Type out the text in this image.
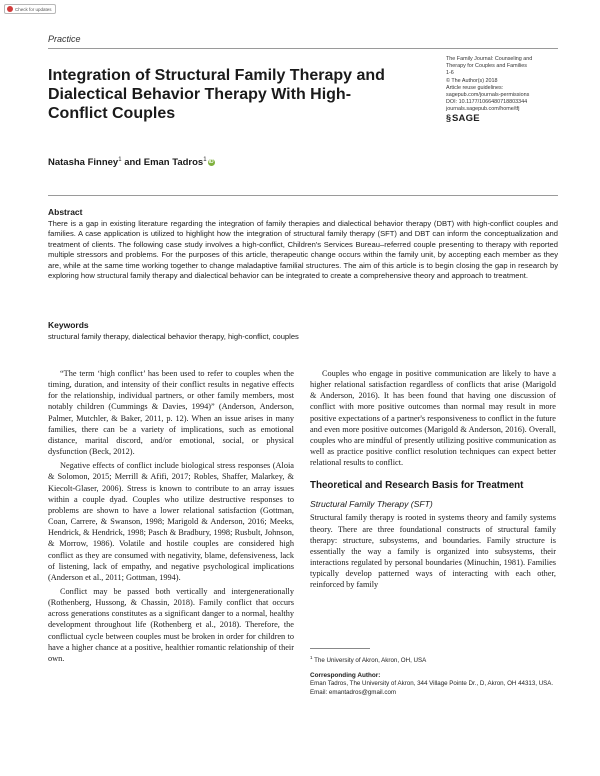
Check for updates
Practice
Integration of Structural Family Therapy and Dialectical Behavior Therapy With High-Conflict Couples
The Family Journal: Counseling and
Therapy for Couples and Families
1-6
© The Author(s) 2018
Article reuse guidelines:
sagepub.com/journals-permissions
DOI: 10.1177/1066480718803344
journals.sagepub.com/home/tfj
§ SAGE
Natasha Finney$^1$ and Eman Tadros$^1$ iD
Abstract
There is a gap in existing literature regarding the integration of family therapies and dialectical behavior therapy (DBT) with high-conflict couples and families. A case application is utilized to highlight how the integration of structural family therapy (SFT) and DBT can inform the conceptualization and treatment of clients. The following case study involves a high-conflict, Children's Services Bureau–referred couple presenting to therapy with reported multiple stressors and problems. For the purposes of this article, therapeutic change occurs within the family unit, by accepting each member as they are, while at the same time working together to change maladaptive familial structures. The aim of this article is to begin closing the gap in research by exploring how structural family therapy and dialectical behavior can be integrated to create a comprehensive theory and approach to treatment.
Keywords
structural family therapy, dialectical behavior therapy, high-conflict, couples

“The term ‘high conflict’ has been used to refer to couples when the timing, duration, and intensity of their conflict results in negative effects for the relationship, individual partners, or other family members, most notably children (Cummings & Davies, 1994)” (Anderson, Anderson, Palmer, Mutchler, & Baker, 2011, p. 12). When an issue arises in many families, there can be a variety of implications, such as emotional distance, marital discord, and/or emotional, social, or physical dysfunction (Beck, 2012).

Negative effects of conflict include biological stress responses (Aloia & Solomon, 2015; Merrill & Afifi, 2017; Robles, Shaffer, Malarkey, & Kiecolt-Glaser, 2006). Stress is known to contribute to an array issues within a couple dyad. Couples who utilize destructive responses to problems are shown to have a lower relational satisfaction (Gottman, Coan, Carrere, & Swanson, 1998; Marigold & Anderson, 2016; Meeks, Hendrick, & Hendrick, 1998; Pasch & Bradbury, 1998; Rusbult, Johnson, & Morrow, 1986). Volatile and hostile couples are considered high conflict as they are consumed with negativity, blame, defensiveness, lack of listening, lack of empathy, and negative psychological implications (Anderson et al., 2011; Gottman, 1994).

Conflict may be passed both vertically and intergenerationally (Rothenberg, Hussong, & Chassin, 2018). Family conflict that occurs across generations constitutes as a significant danger to a normal, healthy development throughout life (Rothenberg et al., 2018). Therefore, the conflictual cycle between couples must be broken in order for children to have a higher chance at a positive, healthier romantic relationship of their own.

Couples who engage in positive communication are likely to have a higher relational satisfaction regardless of conflicts that arise (Marigold & Anderson, 2016). It has been found that having one discussion of conflict with more positive outcomes than normal may result in more positive expectations of a partner's responsiveness to conflict in the future and even more positive outcomes (Marigold & Anderson, 2016). Overall, couples who are mindful of presently utilizing positive communication as well as practice positive conflict resolution techniques can expect better relational results to conflict.

Theoretical and Research Basis for Treatment
Structural Family Therapy (SFT)

Structural family therapy is rooted in systems theory and family systems theory. There are three foundational constructs of structural family therapy: structure, subsystems, and boundaries. Family structure is essentially the way a family is organized into subsystems, their interactions regulated by personal boundaries (Minuchin, 1981). Families typically develop patterned ways of interacting with each other, reinforced by family

$^1$ The University of Akron, Akron, OH, USA
Corresponding Author:
Eman Tadros, The University of Akron, 344 Village Pointe Dr., D, Akron, OH 44313, USA.
Email: emantadros@gmail.com
